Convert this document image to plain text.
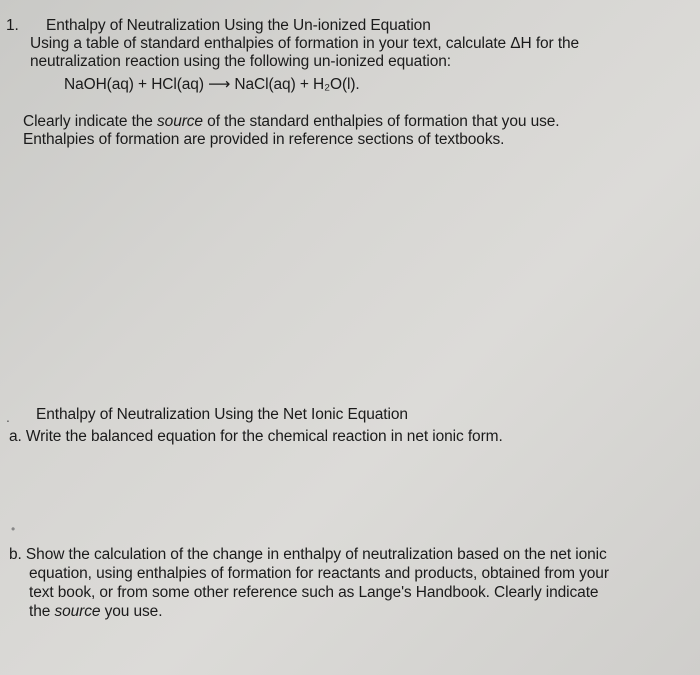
1. Enthalpy of Neutralization Using the Un-ionized Equation
Using a table of standard enthalpies of formation in your text, calculate ΔH for the
neutralization reaction using the following un-ionized equation:
NaOH(aq) + HCl(aq) ⟶ NaCl(aq) + H₂O(l).
Clearly indicate the source of the standard enthalpies of formation that you use.
Enthalpies of formation are provided in reference sections of textbooks.
. Enthalpy of Neutralization Using the Net Ionic Equation
a. Write the balanced equation for the chemical reaction in net ionic form.
•
b. Show the calculation of the change in enthalpy of neutralization based on the net ionic
equation, using enthalpies of formation for reactants and products, obtained from your
text book, or from some other reference such as Lange's Handbook. Clearly indicate
the source you use.
